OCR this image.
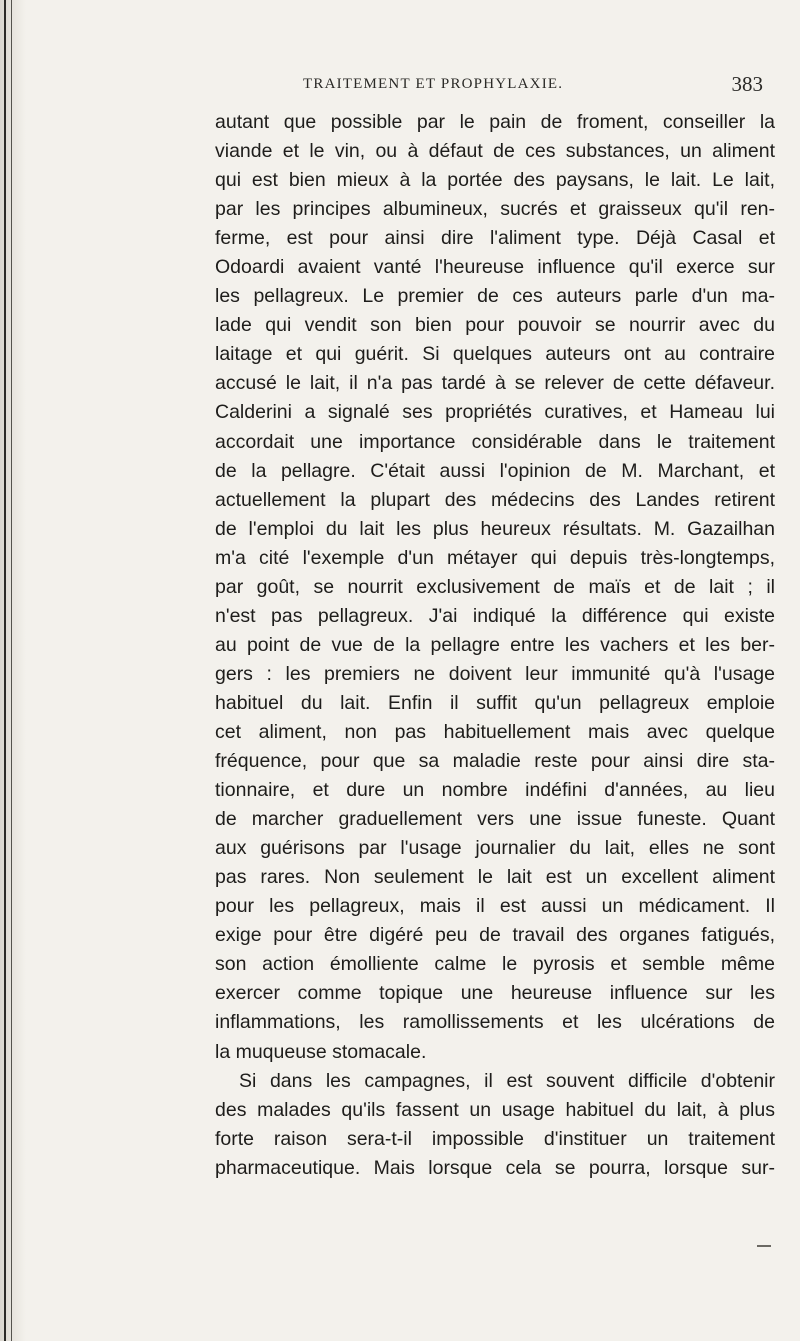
TRAITEMENT ET PROPHYLAXIE.	383
autant que possible par le pain de froment, conseiller la
viande et le vin, ou à défaut de ces substances, un aliment
qui est bien mieux à la portée des paysans, le lait. Le lait,
par les principes albumineux, sucrés et graisseux qu'il ren-
ferme, est pour ainsi dire l'aliment type. Déjà Casal et
Odoardi avaient vanté l'heureuse influence qu'il exerce sur
les pellagreux. Le premier de ces auteurs parle d'un ma-
lade qui vendit son bien pour pouvoir se nourrir avec du
laitage et qui guérit. Si quelques auteurs ont au contraire
accusé le lait, il n'a pas tardé à se relever de cette défaveur.
Calderini a signalé ses propriétés curatives, et Hameau lui
accordait une importance considérable dans le traitement
de la pellagre. C'était aussi l'opinion de M. Marchant, et
actuellement la plupart des médecins des Landes retirent
de l'emploi du lait les plus heureux résultats. M. Gazailhan
m'a cité l'exemple d'un métayer qui depuis très-longtemps,
par goût, se nourrit exclusivement de maïs et de lait ; il
n'est pas pellagreux. J'ai indiqué la différence qui existe
au point de vue de la pellagre entre les vachers et les ber-
gers : les premiers ne doivent leur immunité qu'à l'usage
habituel du lait. Enfin il suffit qu'un pellagreux emploie
cet aliment, non pas habituellement mais avec quelque
fréquence, pour que sa maladie reste pour ainsi dire sta-
tionnaire, et dure un nombre indéfini d'années, au lieu
de marcher graduellement vers une issue funeste. Quant
aux guérisons par l'usage journalier du lait, elles ne sont
pas rares. Non seulement le lait est un excellent aliment
pour les pellagreux, mais il est aussi un médicament. Il
exige pour être digéré peu de travail des organes fatigués,
son action émolliente calme le pyrosis et semble même
exercer comme topique une heureuse influence sur les
inflammations, les ramollissements et les ulcérations de
la muqueuse stomacale.
Si dans les campagnes, il est souvent difficile d'obtenir
des malades qu'ils fassent un usage habituel du lait, à plus
forte raison sera-t-il impossible d'instituer un traitement
pharmaceutique. Mais lorsque cela se pourra, lorsque sur-
